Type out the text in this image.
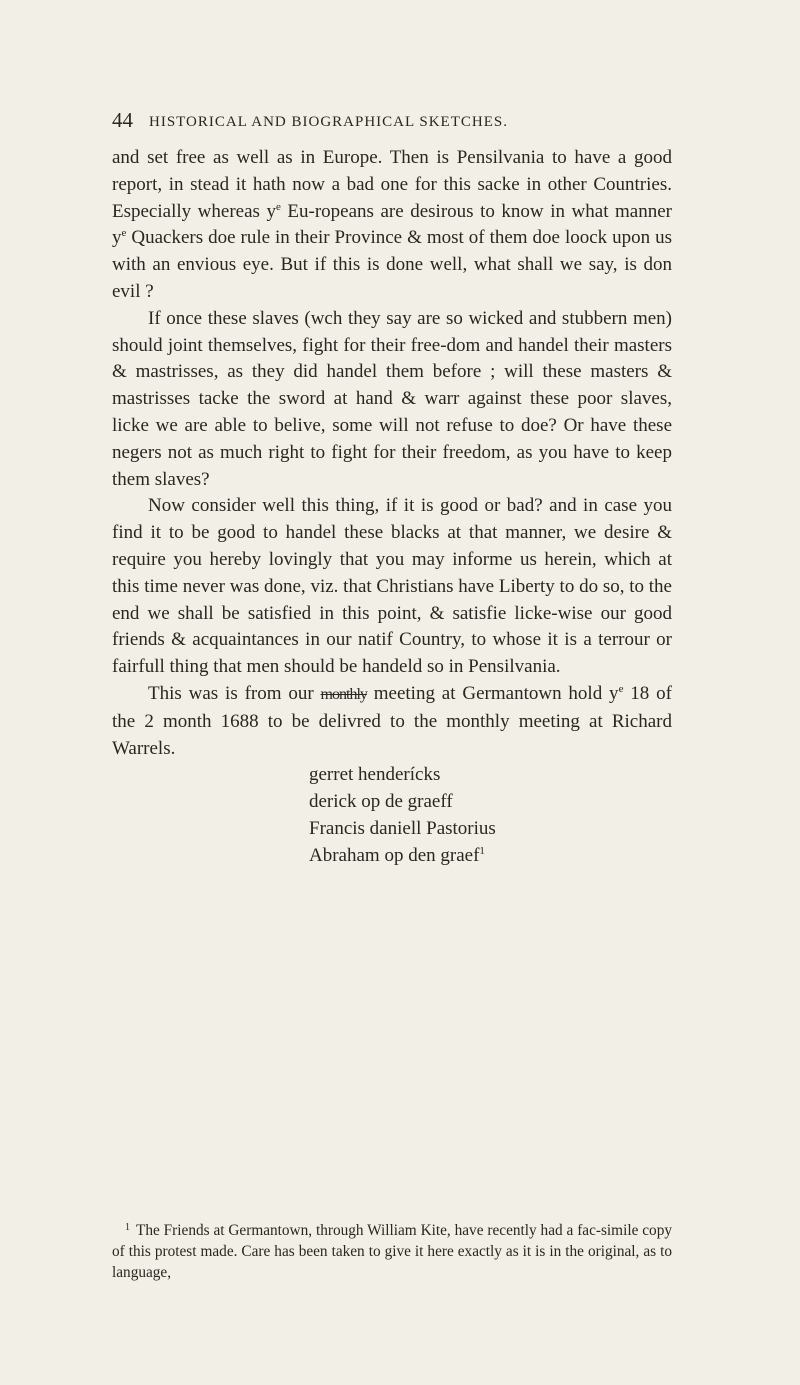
44 HISTORICAL AND BIOGRAPHICAL SKETCHES.

and set free as well as in Europe. Then is Pensilvania to have a good report, in stead it hath now a bad one for this sacke in other Countries. Especially whereas $y^e$ Eu-ropeans are desirous to know in what manner $y^e$ Quackers doe rule in their Province & most of them doe loock upon us with an envious eye. But if this is done well, what shall we say, is don evil ?

If once these slaves (wch they say are so wicked and stubbern men) should joint themselves, fight for their free-dom and handel their masters & mastrisses, as they did handel them before ; will these masters & mastrisses tacke the sword at hand & warr against these poor slaves, licke we are able to belive, some will not refuse to doe? Or have these negers not as much right to fight for their freedom, as you have to keep them slaves?

Now consider well this thing, if it is good or bad? and in case you find it to be good to handel these blacks at that manner, we desire & require you hereby lovingly that you may informe us herein, which at this time never was done, viz. that Christians have Liberty to do so, to the end we shall be satisfied in this point, & satisfie licke-wise our good friends & acquaintances in our natif Country, to whose it is a terrour or fairfull thing that men should be handeld so in Pensilvania.

This was is from our monthly meeting at Germantown hold $y^e$ 18 of the 2 month 1688 to be delivred to the monthly meeting at Richard Warrels.

gerret henderícks
derick op de graeff
Francis daniell Pastorius
Abraham op den graef$^1$

$^1$ The Friends at Germantown, through William Kite, have recently had a fac-simile copy of this protest made. Care has been taken to give it here exactly as it is in the original, as to language,
